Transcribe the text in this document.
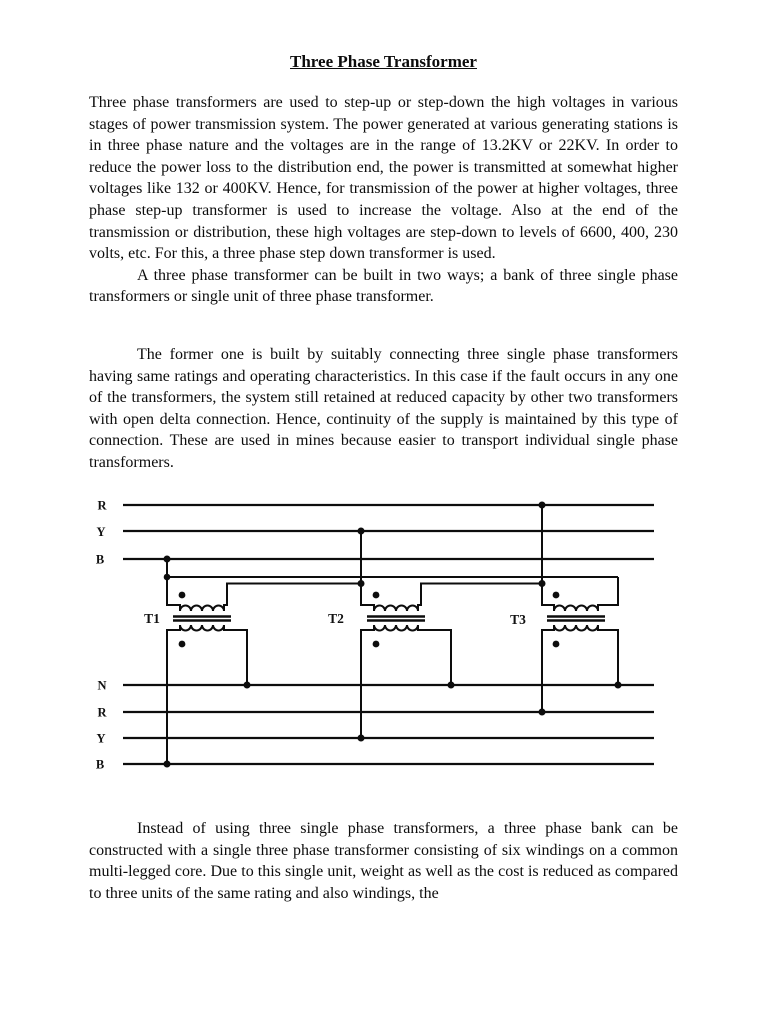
Three Phase Transformer

Three phase transformers are used to step-up or step-down the high voltages in various stages of power transmission system. The power generated at various generating stations is in three phase nature and the voltages are in the range of 13.2KV or 22KV. In order to reduce the power loss to the distribution end, the power is transmitted at somewhat higher voltages like 132 or 400KV. Hence, for transmission of the power at higher voltages, three phase step-up transformer is used to increase the voltage. Also at the end of the transmission or distribution, these high voltages are step-down to levels of 6600, 400, 230 volts, etc. For this, a three phase step down transformer is used.

A three phase transformer can be built in two ways; a bank of three single phase transformers or single unit of three phase transformer.

The former one is built by suitably connecting three single phase transformers having same ratings and operating characteristics. In this case if the fault occurs in any one of the transformers, the system still retained at reduced capacity by other two transformers with open delta connection. Hence, continuity of the supply is maintained by this type of connection. These are used in mines because easier to transport individual single phase transformers.

R
Y
B
N
R
Y
B
T1	T2	T3

Instead of using three single phase transformers, a three phase bank can be constructed with a single three phase transformer consisting of six windings on a common multi-legged core. Due to this single unit, weight as well as the cost is reduced as compared to three units of the same rating and also windings, the
